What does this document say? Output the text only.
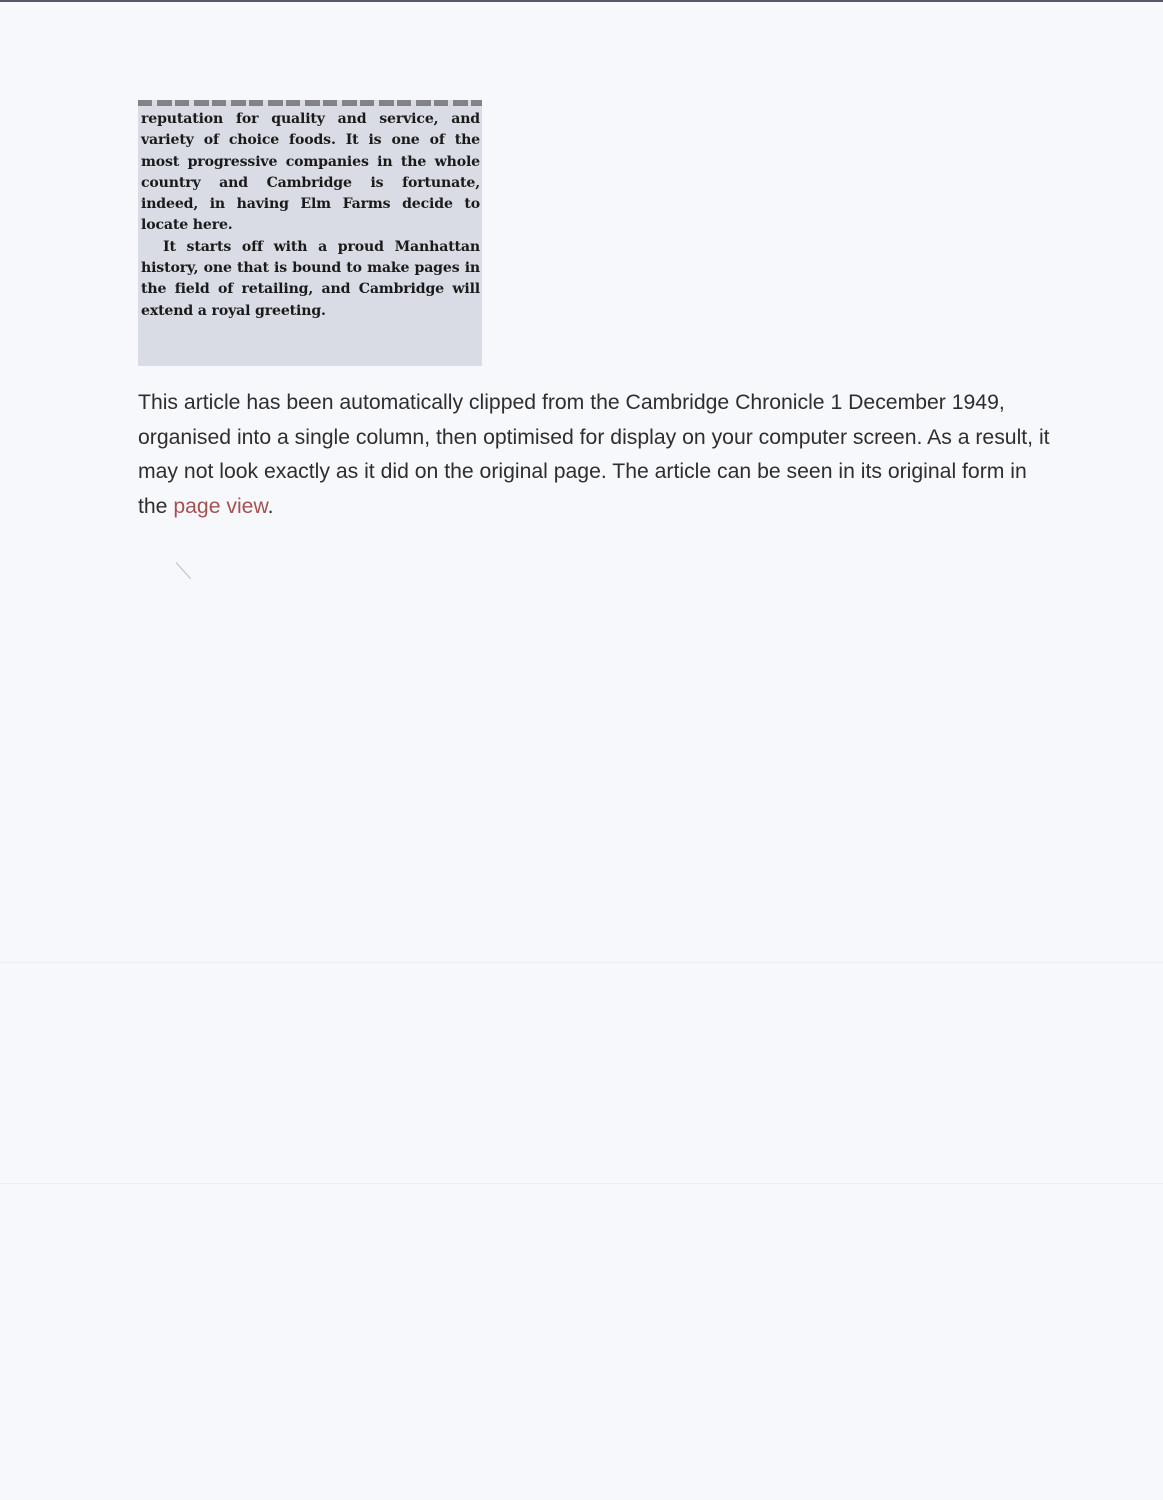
reputation for quality and service, and variety of choice foods. It is one of the most progressive companies in the whole country and Cambridge is fortunate, indeed, in having Elm Farms decide to locate here.

It starts off with a proud Manhattan history, one that is bound to make pages in the field of retailing, and Cambridge will extend a royal greeting.

This article has been automatically clipped from the Cambridge Chronicle 1 December 1949, organised into a single column, then optimised for display on your computer screen. As a result, it may not look exactly as it did on the original page. The article can be seen in its original form in the page view.
